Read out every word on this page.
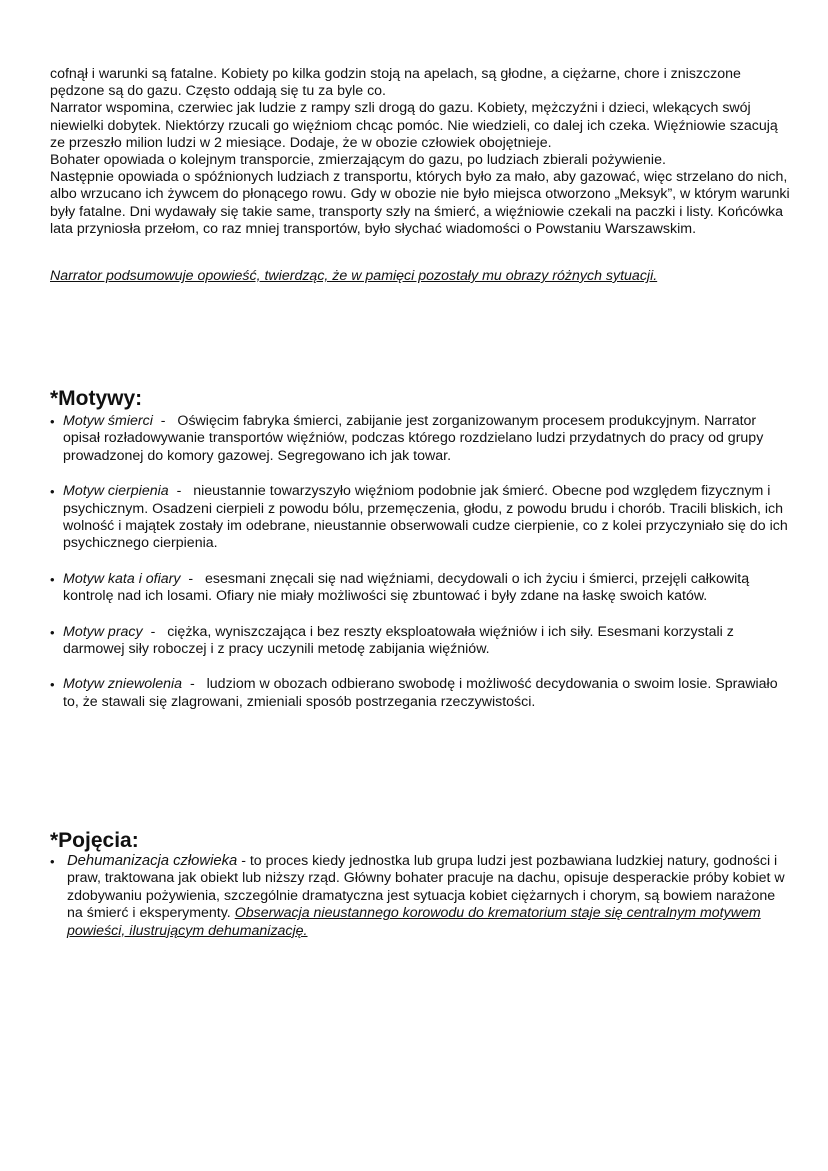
cofnął i warunki są fatalne. Kobiety po kilka godzin stoją na apelach, są głodne, a ciężarne, chore i zniszczone pędzone są do gazu. Często oddają się tu za byle co.

Narrator wspomina, czerwiec jak ludzie z rampy szli drogą do gazu. Kobiety, mężczyźni i dzieci, wlekących swój niewielki dobytek. Niektórzy rzucali go więźniom chcąc pomóc. Nie wiedzieli, co dalej ich czeka. Więźniowie szacują ze przeszło milion ludzi w 2 miesiące. Dodaje, że w obozie człowiek obojętnieje.

Bohater opowiada o kolejnym transporcie, zmierzającym do gazu, po ludziach zbierali pożywienie.

Następnie opowiada o spóźnionych ludziach z transportu, których było za mało, aby gazować, więc strzelano do nich, albo wrzucano ich żywcem do płonącego rowu. Gdy w obozie nie było miejsca otworzono „Meksyk”, w którym warunki były fatalne. Dni wydawały się takie same, transporty szły na śmierć, a więźniowie czekali na paczki i listy. Końcówka lata przyniosła przełom, co raz mniej transportów, było słychać wiadomości o Powstaniu Warszawskim.

Narrator podsumowuje opowieść, twierdząc, że w pamięci pozostały mu obrazy różnych sytuacji.
*Motywy:
• Motyw śmierci -  Oświęcim fabryka śmierci, zabijanie jest zorganizowanym procesem produkcyjnym. Narrator opisał rozładowywanie transportów więźniów, podczas którego rozdzielano ludzi przydatnych do pracy od grupy prowadzonej do komory gazowej. Segregowano ich jak towar.
• Motyw cierpienia -  nieustannie towarzyszyło więźniom podobnie jak śmierć. Obecne pod względem fizycznym i psychicznym. Osadzeni cierpieli z powodu bólu, przemęczenia, głodu, z powodu brudu i chorób. Tracili bliskich, ich wolność i majątek zostały im odebrane, nieustannie obserwowali cudze cierpienie, co z kolei przyczyniało się do ich psychicznego cierpienia.
• Motyw kata i ofiary -  esesmani znęcali się nad więźniami, decydowali o ich życiu i śmierci, przejęli całkowitą kontrolę nad ich losami. Ofiary nie miały możliwości się zbuntować i były zdane na łaskę swoich katów.
• Motyw pracy -  ciężka, wyniszczająca i bez reszty eksploatowała więźniów i ich siły. Esesmani korzystali z darmowej siły roboczej i z pracy uczynili metodę zabijania więźniów.
• Motyw zniewolenia -  ludziom w obozach odbierano swobodę i możliwość decydowania o swoim losie. Sprawiało to, że stawali się zlagrowani, zmieniali sposób postrzegania rzeczywistości.
*Pojęcia:
• Dehumanizacja człowieka - to proces kiedy jednostka lub grupa ludzi jest pozbawiana ludzkiej natury, godności i praw, traktowana jak obiekt lub niższy rząd. Główny bohater pracuje na dachu, opisuje desperackie próby kobiet w zdobywaniu pożywienia, szczególnie dramatyczna jest sytuacja kobiet ciężarnych i chorym, są bowiem narażone na śmierć i eksperymenty. Obserwacja nieustannego korowodu do krematorium staje się centralnym motywem powieści, ilustrującym dehumanizację.
